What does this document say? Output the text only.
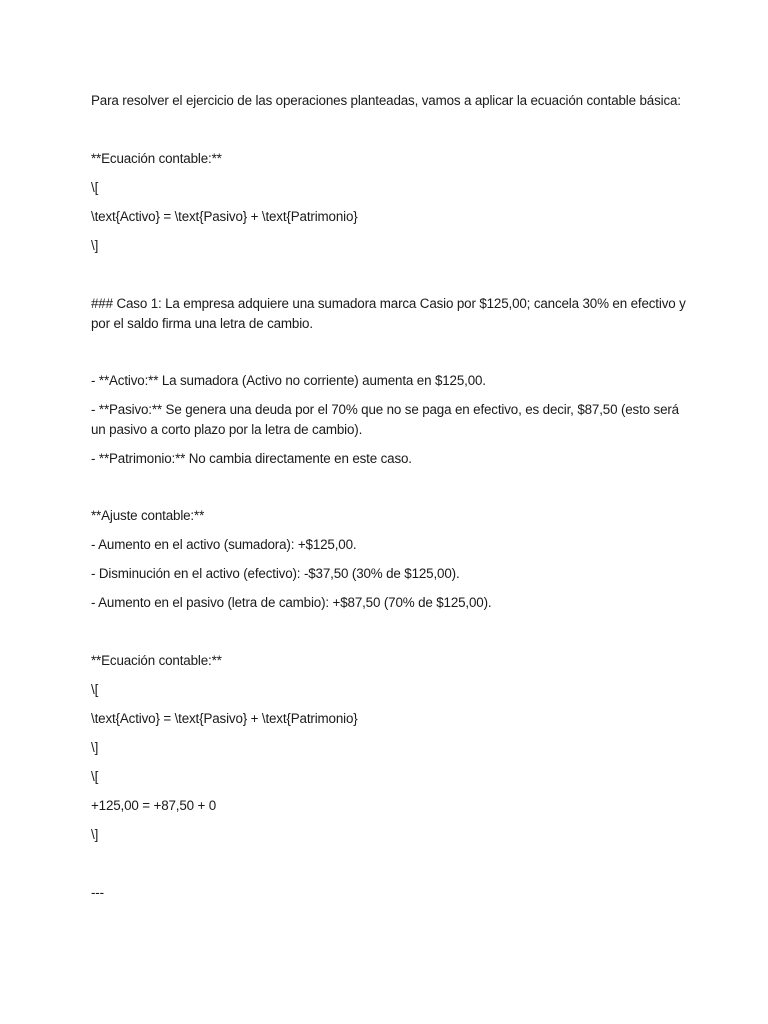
Para resolver el ejercicio de las operaciones planteadas, vamos a aplicar la ecuación contable básica:
**Ecuación contable:**
\[
\text{Activo} = \text{Pasivo} + \text{Patrimonio}
\]
### Caso 1: La empresa adquiere una sumadora marca Casio por $125,00; cancela 30% en efectivo y por el saldo firma una letra de cambio.
- **Activo:** La sumadora (Activo no corriente) aumenta en $125,00.
- **Pasivo:** Se genera una deuda por el 70% que no se paga en efectivo, es decir, $87,50 (esto será un pasivo a corto plazo por la letra de cambio).
- **Patrimonio:** No cambia directamente en este caso.
**Ajuste contable:**
- Aumento en el activo (sumadora): +$125,00.
- Disminución en el activo (efectivo): -$37,50 (30% de $125,00).
- Aumento en el pasivo (letra de cambio): +$87,50 (70% de $125,00).
**Ecuación contable:**
\[
\text{Activo} = \text{Pasivo} + \text{Patrimonio}
\]
\[
+125,00 = +87,50 + 0
\]
---
